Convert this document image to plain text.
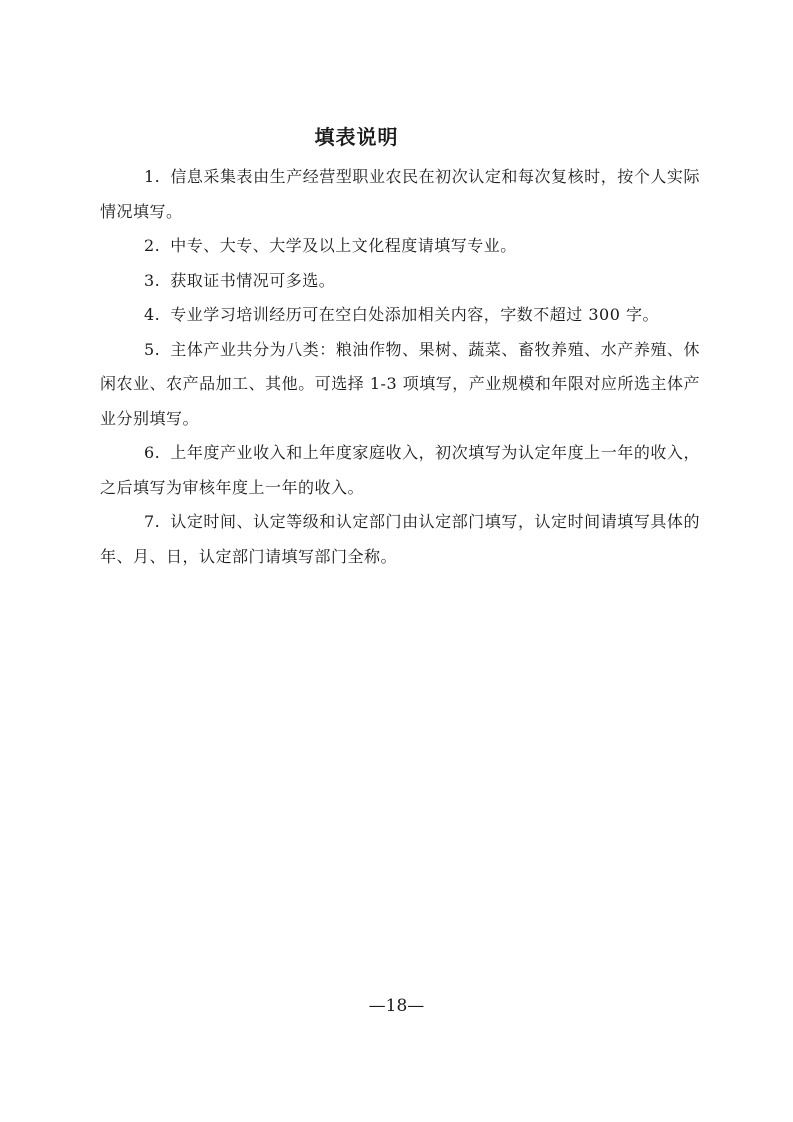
填表说明

1. 信息采集表由生产经营型职业农民在初次认定和每次复核时，按个人实际情况填写。

2. 中专、大专、大学及以上文化程度请填写专业。

3. 获取证书情况可多选。

4. 专业学习培训经历可在空白处添加相关内容，字数不超过 300 字。

5. 主体产业共分为八类：粮油作物、果树、蔬菜、畜牧养殖、水产养殖、休闲农业、农产品加工、其他。可选择 1-3 项填写，产业规模和年限对应所选主体产业分别填写。

6. 上年度产业收入和上年度家庭收入，初次填写为认定年度上一年的收入，之后填写为审核年度上一年的收入。

7. 认定时间、认定等级和认定部门由认定部门填写，认定时间请填写具体的年、月、日，认定部门请填写部门全称。

—18—
